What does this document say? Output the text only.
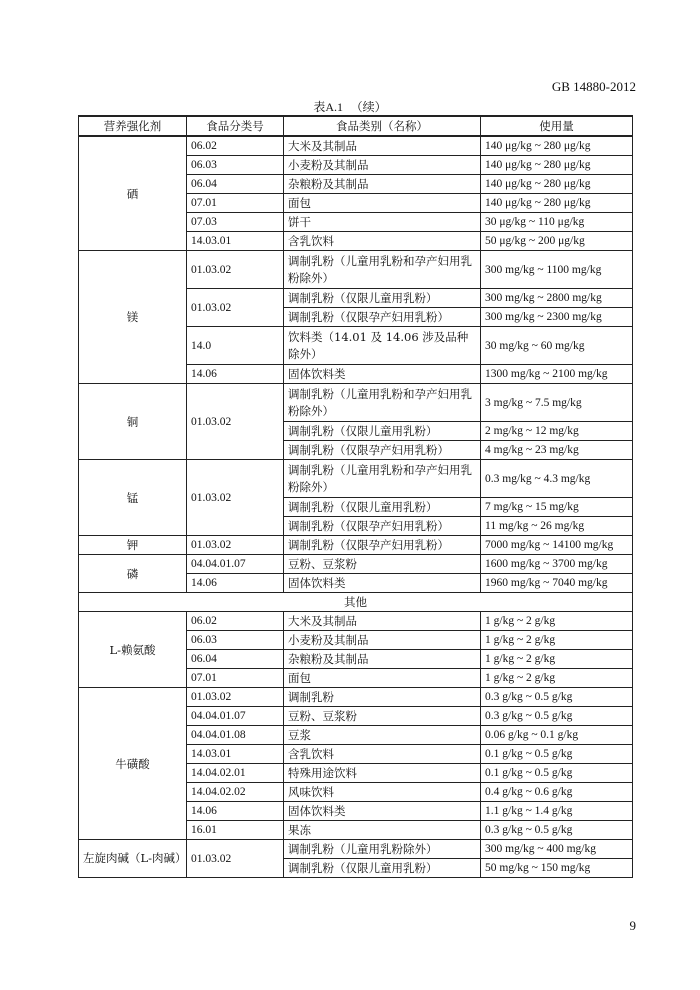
GB 14880-2012
表A.1 （续）
营养强化剂	食品分类号	食品类别（名称）	使用量
硒	06.02	大米及其制品	140 μg/kg ~ 280 μg/kg
	06.03	小麦粉及其制品	140 μg/kg ~ 280 μg/kg
	06.04	杂粮粉及其制品	140 μg/kg ~ 280 μg/kg
	07.01	面包	140 μg/kg ~ 280 μg/kg
	07.03	饼干	30 μg/kg ~ 110 μg/kg
	14.03.01	含乳饮料	50 μg/kg ~ 200 μg/kg
镁	01.03.02	调制乳粉（儿童用乳粉和孕产妇用乳粉除外）	300 mg/kg ~ 1100 mg/kg
	01.03.02	调制乳粉（仅限儿童用乳粉）	300 mg/kg ~ 2800 mg/kg

		调制乳粉（仅限孕产妇用乳粉）	300 mg/kg ~ 2300 mg/kg
	14.0	饮料类（14.01 及 14.06 涉及品种除外）	30 mg/kg ~ 60 mg/kg
	14.06	固体饮料类	1300 mg/kg ~ 2100 mg/kg
铜	01.03.02	调制乳粉（儿童用乳粉和孕产妇用乳粉除外）	3 mg/kg ~ 7.5 mg/kg

		调制乳粉（仅限儿童用乳粉）	2 mg/kg ~ 12 mg/kg

		调制乳粉（仅限孕产妇用乳粉）	4 mg/kg ~ 23 mg/kg
锰	01.03.02	调制乳粉（儿童用乳粉和孕产妇用乳粉除外）	0.3 mg/kg ~ 4.3 mg/kg

		调制乳粉（仅限儿童用乳粉）	7 mg/kg ~ 15 mg/kg

		调制乳粉（仅限孕产妇用乳粉）	11 mg/kg ~ 26 mg/kg
钾	01.03.02	调制乳粉（仅限孕产妇用乳粉）	7000 mg/kg ~ 14100 mg/kg
磷	04.04.01.07	豆粉、豆浆粉	1600 mg/kg ~ 3700 mg/kg
	14.06	固体饮料类	1960 mg/kg ~ 7040 mg/kg
其他			
L-赖氨酸	06.02	大米及其制品	1 g/kg ~ 2 g/kg
	06.03	小麦粉及其制品	1 g/kg ~ 2 g/kg
	06.04	杂粮粉及其制品	1 g/kg ~ 2 g/kg
	07.01	面包	1 g/kg ~ 2 g/kg
牛磺酸	01.03.02	调制乳粉	0.3 g/kg ~ 0.5 g/kg
	04.04.01.07	豆粉、豆浆粉	0.3 g/kg ~ 0.5 g/kg
	04.04.01.08	豆浆	0.06 g/kg ~ 0.1 g/kg
	14.03.01	含乳饮料	0.1 g/kg ~ 0.5 g/kg
	14.04.02.01	特殊用途饮料	0.1 g/kg ~ 0.5 g/kg
	14.04.02.02	风味饮料	0.4 g/kg ~ 0.6 g/kg
	14.06	固体饮料类	1.1 g/kg ~ 1.4 g/kg
	16.01	果冻	0.3 g/kg ~ 0.5 g/kg

左旋肉碱（L-肉碱）	01.03.02	调制乳粉（儿童用乳粉除外）	300 mg/kg ~ 400 mg/kg

		调制乳粉（仅限儿童用乳粉）	50 mg/kg ~ 150 mg/kg
9
